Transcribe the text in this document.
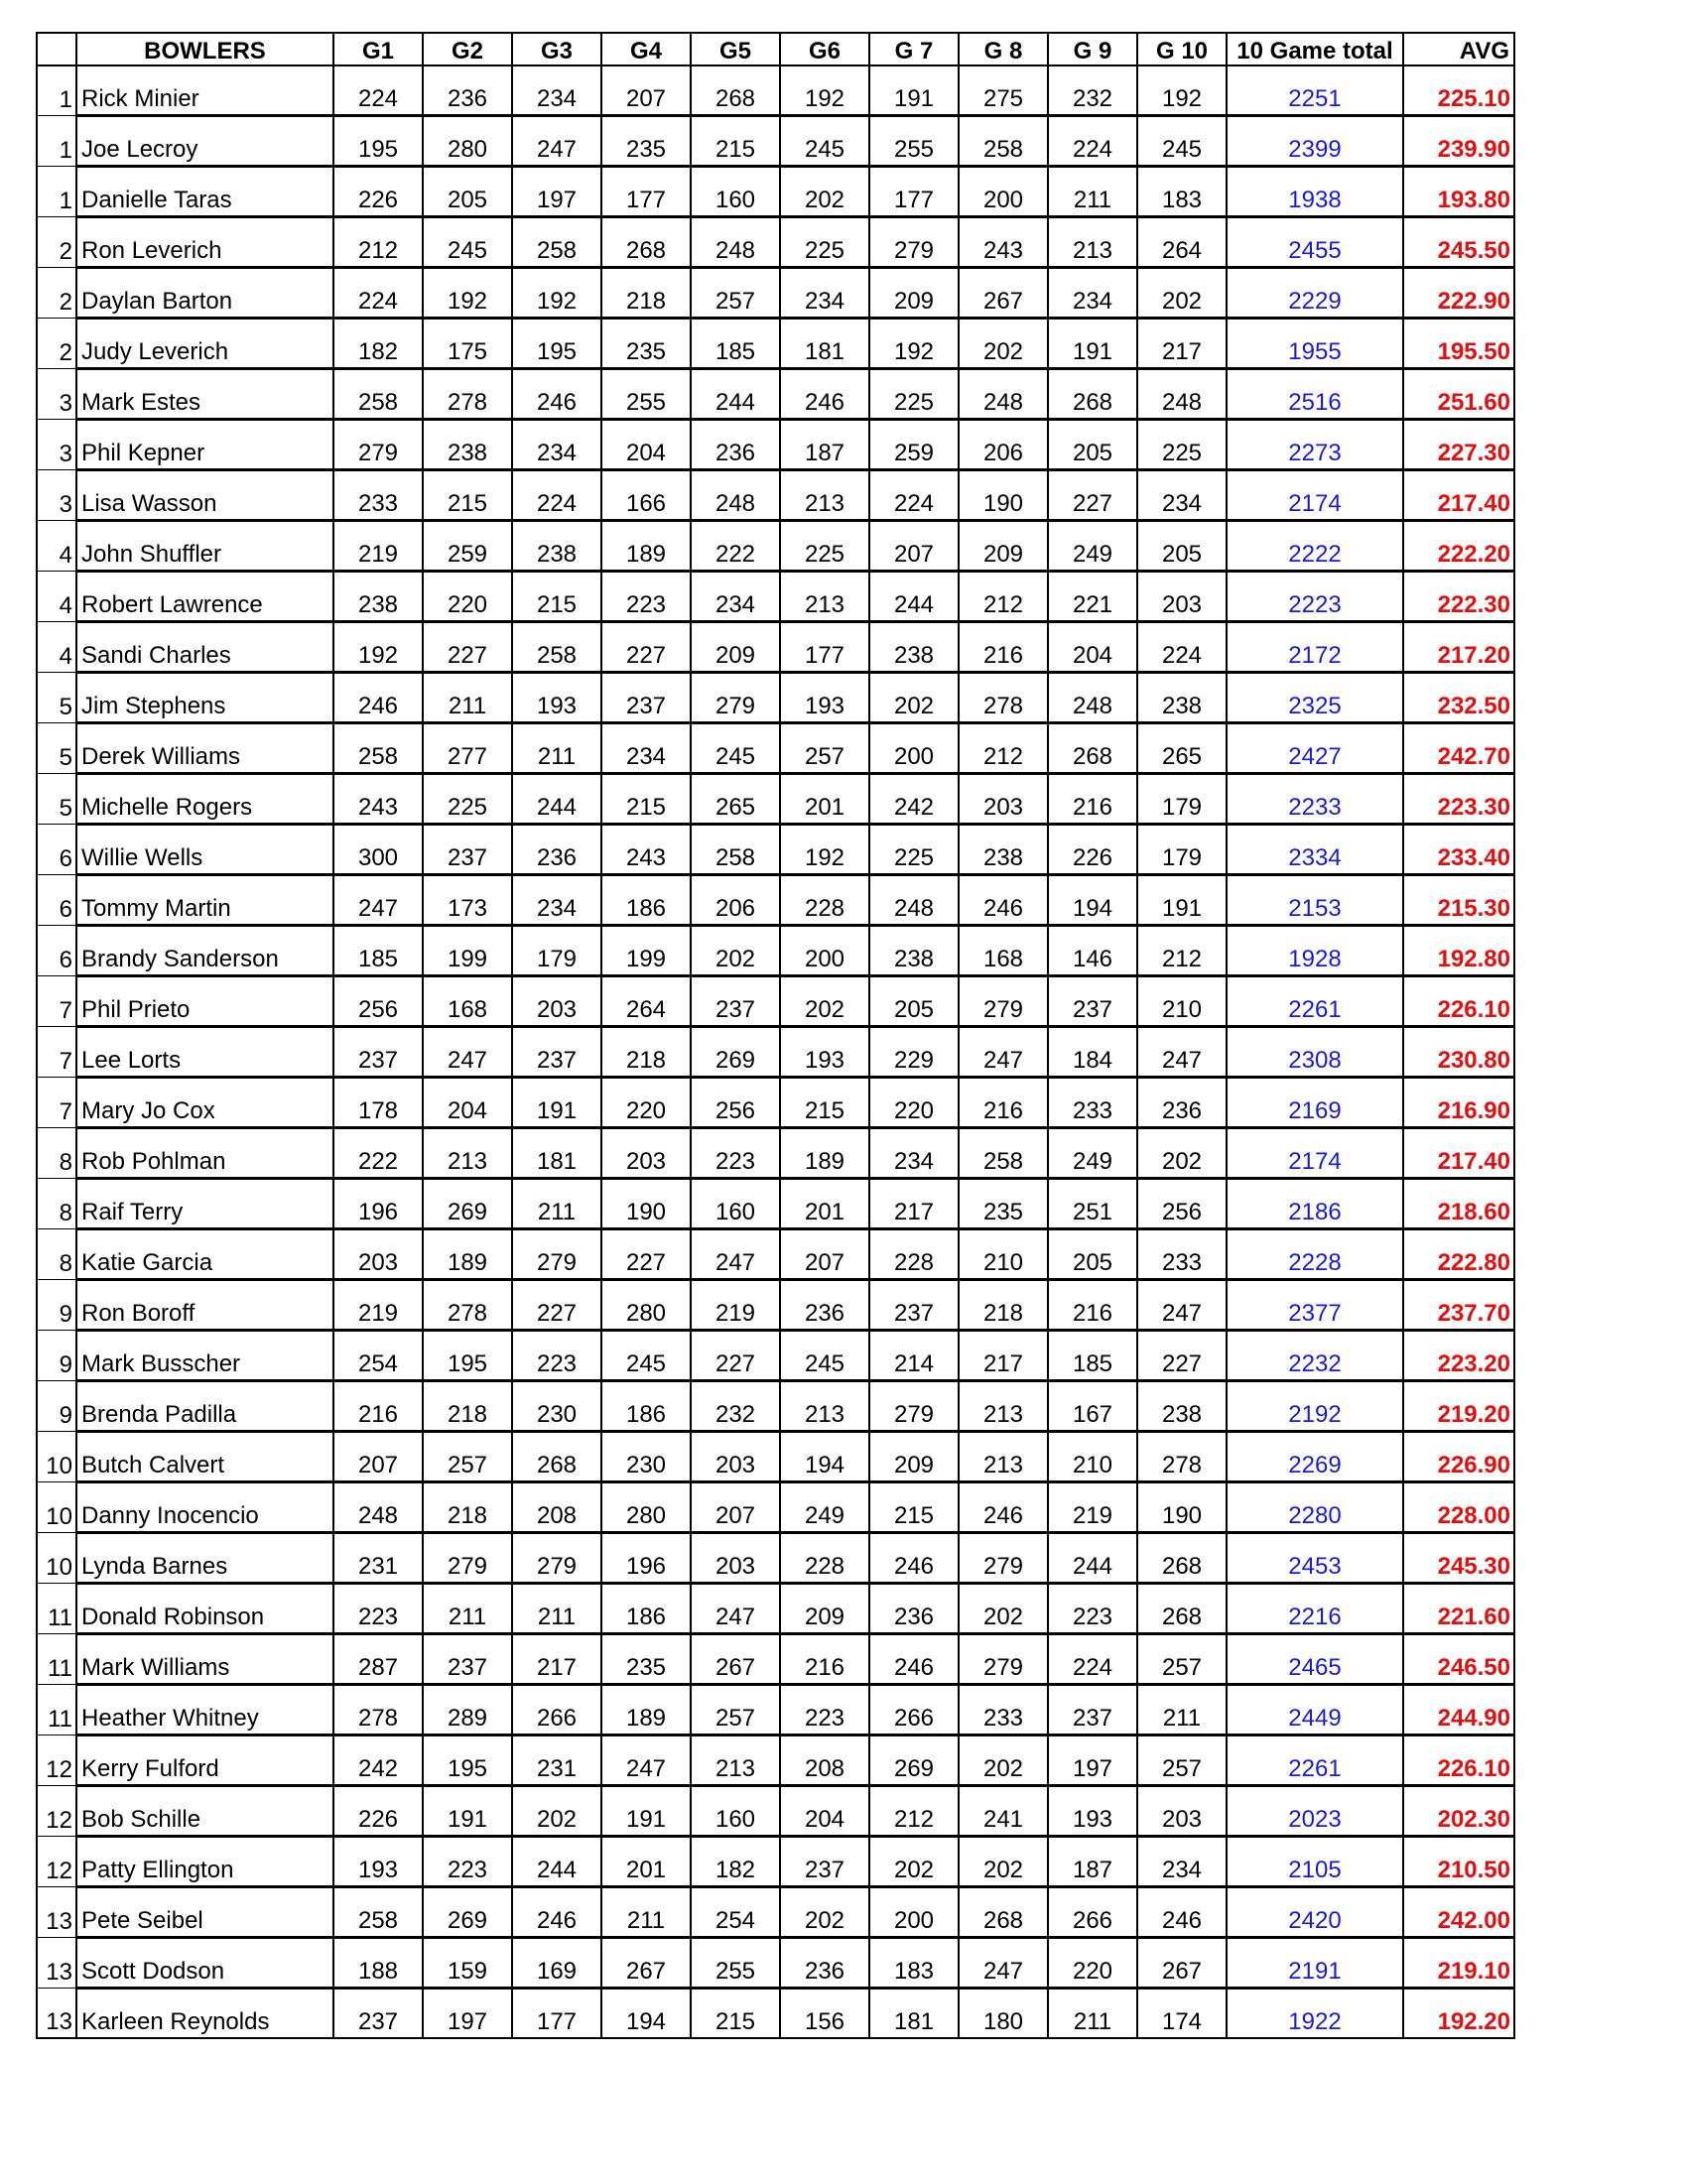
	BOWLERS	G1	G2	G3	G4	G5	G6	G 7	G 8	G 9	G 10	10 Game total	AVG
1	Rick Minier	224	236	234	207	268	192	191	275	232	192	2251	225.10
1	Joe Lecroy	195	280	247	235	215	245	255	258	224	245	2399	239.90
1	Danielle Taras	226	205	197	177	160	202	177	200	211	183	1938	193.80
2	Ron Leverich	212	245	258	268	248	225	279	243	213	264	2455	245.50
2	Daylan Barton	224	192	192	218	257	234	209	267	234	202	2229	222.90
2	Judy Leverich	182	175	195	235	185	181	192	202	191	217	1955	195.50
3	Mark Estes	258	278	246	255	244	246	225	248	268	248	2516	251.60
3	Phil Kepner	279	238	234	204	236	187	259	206	205	225	2273	227.30
3	Lisa Wasson	233	215	224	166	248	213	224	190	227	234	2174	217.40
4	John Shuffler	219	259	238	189	222	225	207	209	249	205	2222	222.20
4	Robert Lawrence	238	220	215	223	234	213	244	212	221	203	2223	222.30
4	Sandi Charles	192	227	258	227	209	177	238	216	204	224	2172	217.20
5	Jim Stephens	246	211	193	237	279	193	202	278	248	238	2325	232.50
5	Derek Williams	258	277	211	234	245	257	200	212	268	265	2427	242.70
5	Michelle Rogers	243	225	244	215	265	201	242	203	216	179	2233	223.30
6	Willie Wells	300	237	236	243	258	192	225	238	226	179	2334	233.40
6	Tommy Martin	247	173	234	186	206	228	248	246	194	191	2153	215.30
6	Brandy Sanderson	185	199	179	199	202	200	238	168	146	212	1928	192.80
7	Phil Prieto	256	168	203	264	237	202	205	279	237	210	2261	226.10
7	Lee Lorts	237	247	237	218	269	193	229	247	184	247	2308	230.80
7	Mary Jo Cox	178	204	191	220	256	215	220	216	233	236	2169	216.90
8	Rob Pohlman	222	213	181	203	223	189	234	258	249	202	2174	217.40
8	Raif Terry	196	269	211	190	160	201	217	235	251	256	2186	218.60
8	Katie Garcia	203	189	279	227	247	207	228	210	205	233	2228	222.80
9	Ron Boroff	219	278	227	280	219	236	237	218	216	247	2377	237.70
9	Mark Busscher	254	195	223	245	227	245	214	217	185	227	2232	223.20
9	Brenda Padilla	216	218	230	186	232	213	279	213	167	238	2192	219.20
10	Butch Calvert	207	257	268	230	203	194	209	213	210	278	2269	226.90
10	Danny Inocencio	248	218	208	280	207	249	215	246	219	190	2280	228.00
10	Lynda Barnes	231	279	279	196	203	228	246	279	244	268	2453	245.30
11	Donald Robinson	223	211	211	186	247	209	236	202	223	268	2216	221.60
11	Mark Williams	287	237	217	235	267	216	246	279	224	257	2465	246.50
11	Heather Whitney	278	289	266	189	257	223	266	233	237	211	2449	244.90
12	Kerry Fulford	242	195	231	247	213	208	269	202	197	257	2261	226.10
12	Bob Schille	226	191	202	191	160	204	212	241	193	203	2023	202.30
12	Patty Ellington	193	223	244	201	182	237	202	202	187	234	2105	210.50
13	Pete Seibel	258	269	246	211	254	202	200	268	266	246	2420	242.00
13	Scott Dodson	188	159	169	267	255	236	183	247	220	267	2191	219.10
13	Karleen Reynolds	237	197	177	194	215	156	181	180	211	174	1922	192.20
